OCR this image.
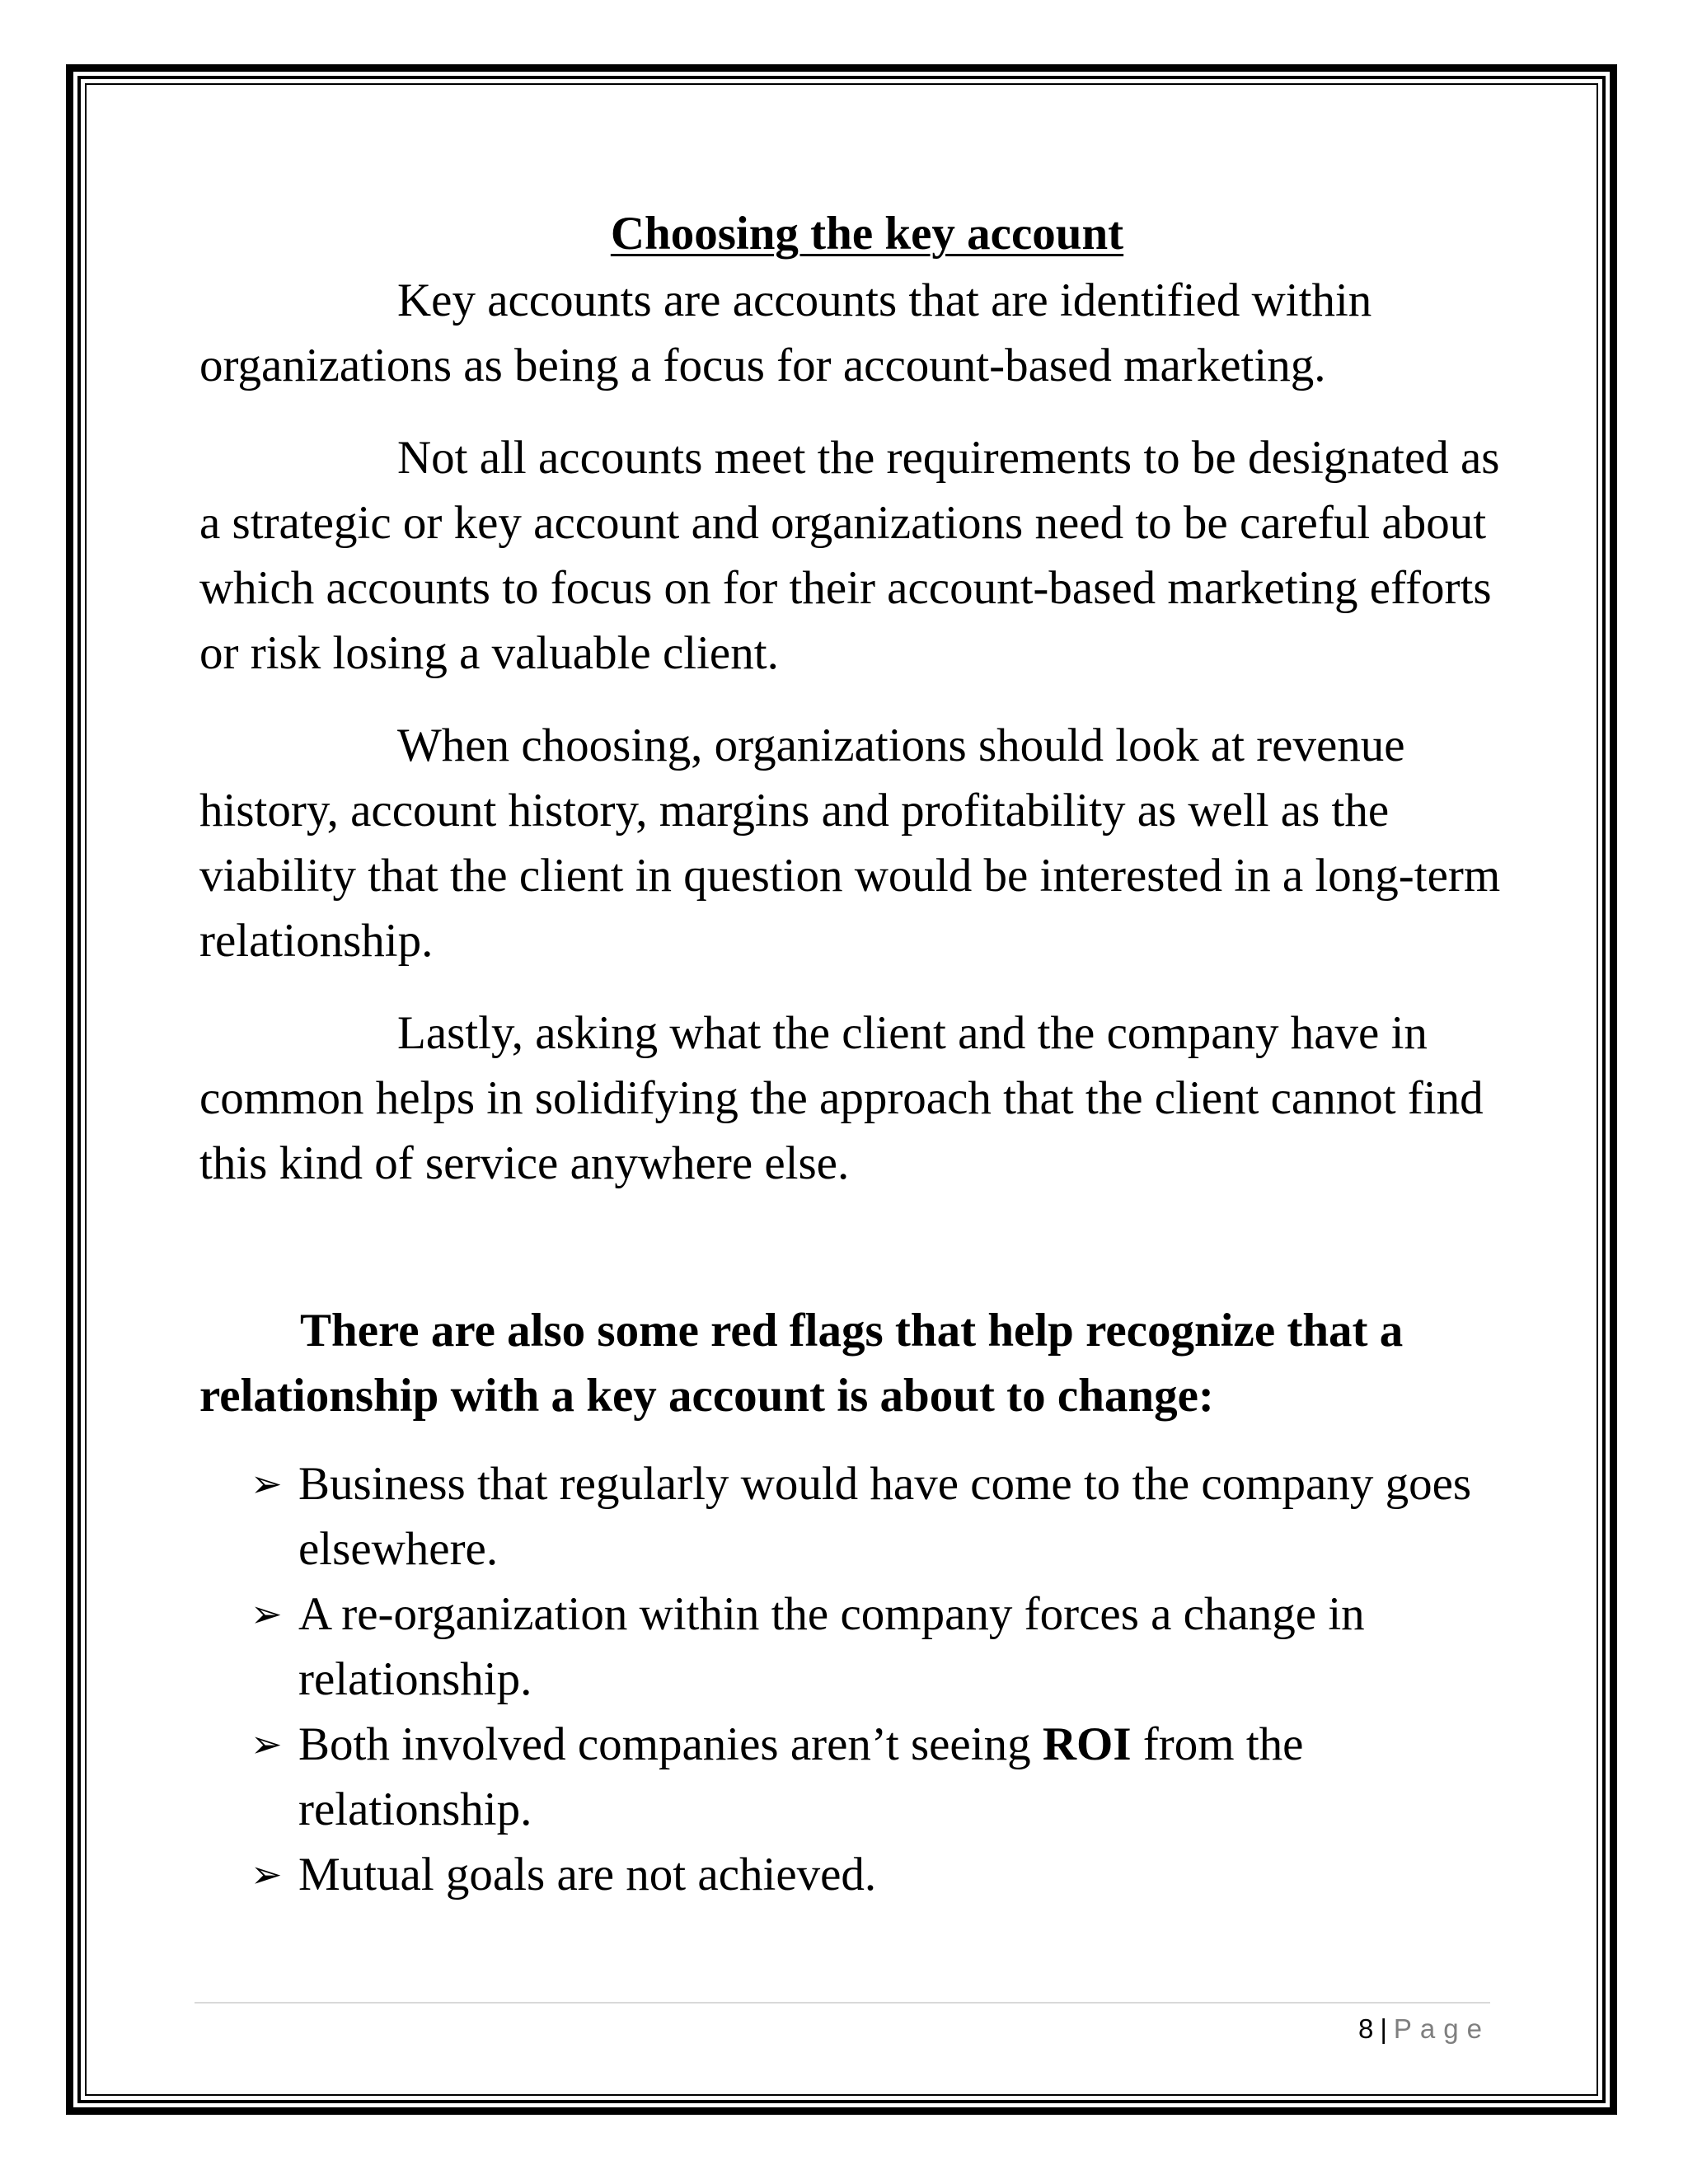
Choosing the key account

Key accounts are accounts that are identified within organizations as being a focus for account-based marketing.

Not all accounts meet the requirements to be designated as a strategic or key account and organizations need to be careful about which accounts to focus on for their account-based marketing efforts or risk losing a valuable client.

When choosing, organizations should look at revenue history, account history, margins and profitability as well as the viability that the client in question would be interested in a long-term relationship.

Lastly, asking what the client and the company have in common helps in solidifying the approach that the client cannot find this kind of service anywhere else.

There are also some red flags that help recognize that a relationship with a key account is about to change:

➢ Business that regularly would have come to the company goes elsewhere.
➢ A re-organization within the company forces a change in relationship.
➢ Both involved companies aren’t seeing ROI from the relationship.
➢ Mutual goals are not achieved.
8 | Page
